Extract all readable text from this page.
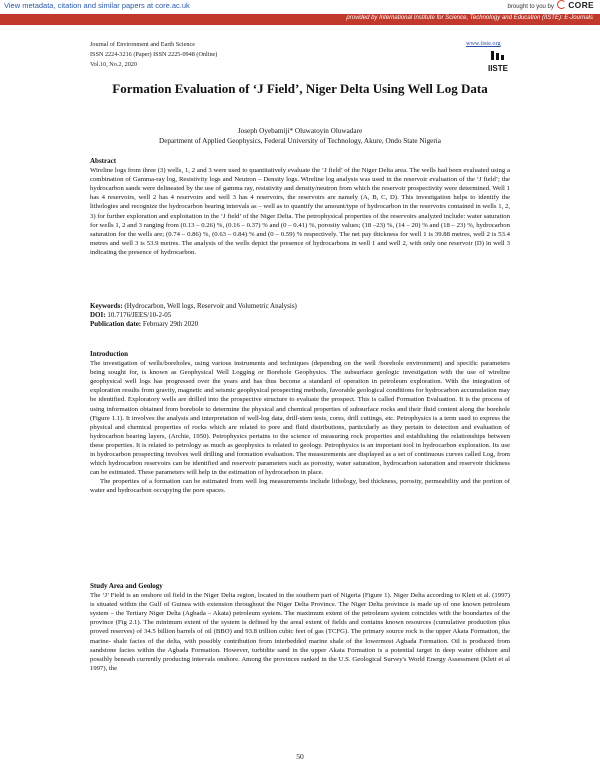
View metadata, citation and similar papers at core.ac.uk	brought to you by CORE
provided by International Institute for Science, Technology and Education (IISTE): E-Journals
Journal of Environment and Earth Science
ISSN 2224-3216 (Paper) ISSN 2225-0948 (Online)
Vol.10, No.2, 2020
www.iiste.org
IISTE
Formation Evaluation of ‘J Field’, Niger Delta Using Well Log Data
Joseph Oyebamiji* Oluwatoyin Oluwadare
Department of Applied Geophysics, Federal University of Technology, Akure, Ondo State Nigeria
Abstract

Wireline logs from three (3) wells, 1, 2 and 3 were used to quantitatively evaluate the ‘J field’ of the Niger Delta area. The wells had been evaluated using a combination of Gamma-ray log, Resistivity logs and Neutron – Density logs. Wireline log analysis was used in the reservoir evaluation of the ‘J field’; the hydrocarbon sands were delineated by the use of gamma ray, resistivity and density/neutron from which the reservoir prospectivity were determined. Well 1 has 4 reservoirs, well 2 has 4 reservoirs and well 3 has 4 reservoirs, the reservoirs are namely (A, B, C, D). This investigation helps to identify the lithologies and recognize the hydrocarbon bearing intervals as – well as to quantify the amount/type of hydrocarbon in the reservoirs contained in wells 1, 2, 3) for further exploration and exploitation in the ‘J field’ of the Niger Delta. The petrophysical properties of the reservoirs analyzed include: water saturation for wells 1, 2 and 3 ranging from (0.13 – 0.26) %, (0.16 – 0.37) % and (0 – 0.41) %, porosity values; (18 –23) %, (14 – 20) % and (18 – 23) %, hydrocarbon saturation for the wells are; (0.74 – 0.86) %, (0.63 – 0.84) % and (0 – 0.59) % respectively. The net pay thickness for well 1 is 39.88 metres, well 2 is 53.4 metres and well 3 is 53.9 metres. The analysis of the wells depict the presence of hydrocarbons in well 1 and well 2, with only one reservoir (D) in well 3 indicating the presence of hydrocarbon.

Keywords: (Hydrocarbon, Well logs, Reservoir and Volumetric Analysis)
DOI: 10.7176/JEES/10-2-05
Publication date: February 29th 2020
Introduction

The investigation of wells/boreholes, using various instruments and techniques (depending on the well /borehole environment) and specific parameters being sought for, is known as Geophysical Well Logging or Borehole Geophysics. The subsurface geologic investigation with the use of wireline geophysical well logs has progressed over the years and has thus become a standard of operation in petroleum exploration. With the integration of exploration results from gravity, magnetic and seismic geophysical prospecting methods, favorable geological conditions for hydrocarbon accumulation may be identified. Exploratory wells are drilled into the prospective structure to evaluate the prospect. This is called Formation Evaluation. It is the process of using information obtained from borehole to determine the physical and chemical properties of subsurface rocks and their fluid content along the borehole (Figure 1.1). It involves the analysis and interpretation of well-log data, drill-stem tests, cores, drill cuttings, etc. Petrophysics is a term used to express the physical and chemical properties of rocks which are related to pore and fluid distributions, particularly as they pertain to detection and evaluation of hydrocarbon bearing layers, (Archie, 1950). Petrophysics pertains to the science of measuring rock properties and establishing the relationships between these properties. It is related to petrology as much as geophysics is related to geology. Petrophysics is an important tool in hydrocarbon exploration. Its use in hydrocarbon prospecting involves well drilling and formation evaluation. The measurements are displayed as a set of continuous curves called Log, from which hydrocarbon reservoirs can be identified and reservoir parameters such as porosity, water saturation, hydrocarbon saturation and reservoir thickness can be estimated. These parameters will help in the estimation of hydrocarbon in place.

The properties of a formation can be estimated from well log measurements include lithology, bed thickness, porosity, permeability and the portion of water and hydrocarbon occupying the pore spaces.

Study Area and Geology

The ‘J’ Field is an onshore oil field in the Niger Delta region, located in the southern part of Nigeria (Figure 1). Niger Delta according to Klett et al. (1997) is situated within the Gulf of Guinea with extension throughout the Niger Delta Province. The Niger Delta province is made up of one known petroleum system – the Tertiary Niger Delta (Agbada – Akata) petroleum system. The maximum extent of the petroleum system coincides with the boundaries of the province (Fig 2.1). The minimum extent of the system is defined by the areal extent of fields and contains known resources (cumulative production plus proved reserves) of 34.5 billion barrels of oil (BBO) and 93.8 trillion cubic feet of gas (TCFG). The primary source rock is the upper Akata Formation, the marine- shale facies of the delta, with possibly contribution from interbedded marine shale of the lowermost Agbada Formation. Oil is produced from sandstone facies within the Agbada Formation. However, turbidite sand in the upper Akata Formation is a potential target in deep water offshore and possibly beneath currently producing intervals onshore. Among the provinces ranked in the U.S. Geological Survey's World Energy Assessment (Klett et al 1997), the

50
